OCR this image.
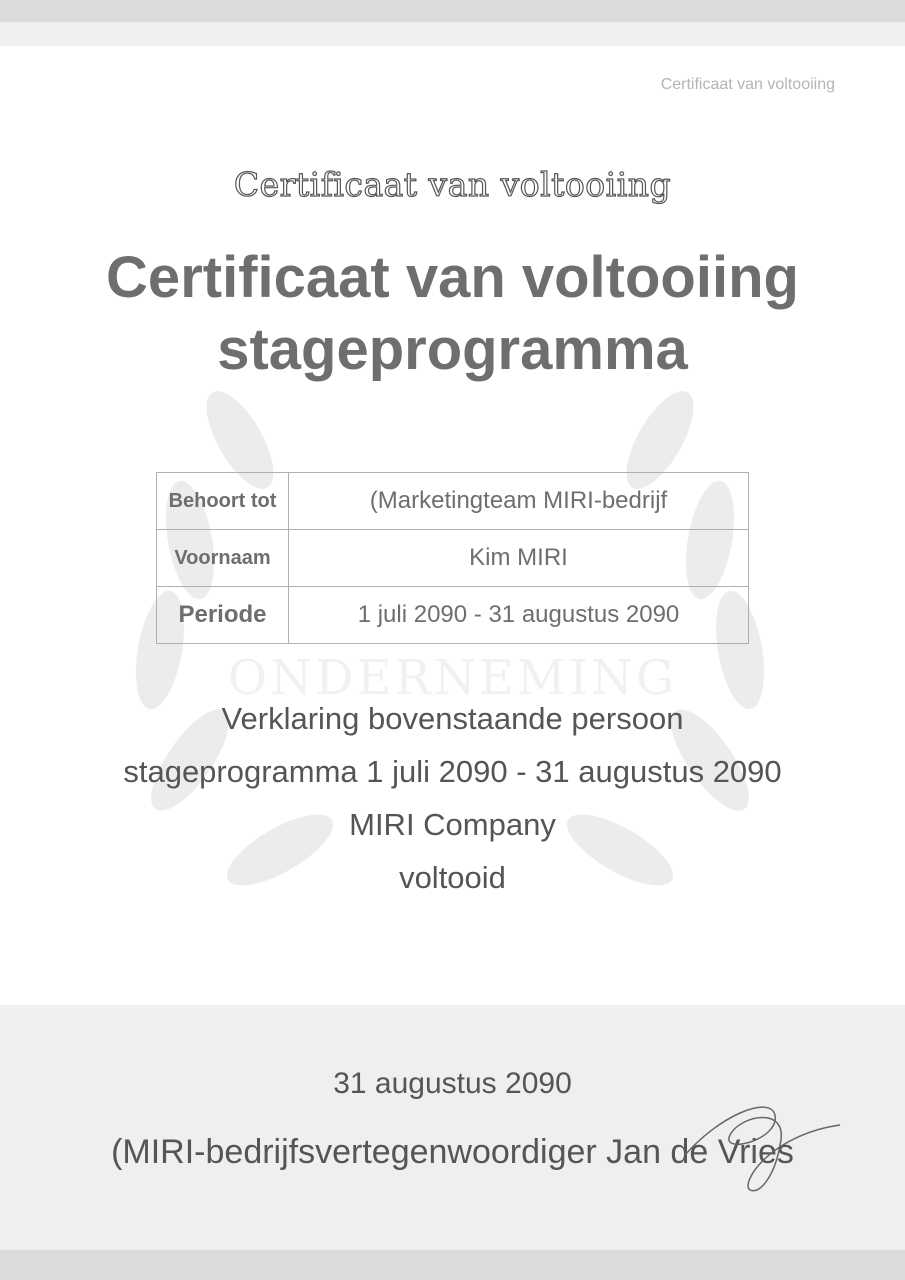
Certificaat van voltooiing
ONDERNEMING
Certificaat van voltooiing
Certificaat van voltooiing
stageprogramma
Behoort tot	(Marketingteam MIRI-bedrijf
Voornaam	Kim MIRI
Periode	1 juli 2090 - 31 augustus 2090
Verklaring bovenstaande persoon
stageprogramma 1 juli 2090 - 31 augustus 2090
MIRI Company
voltooid
31 augustus 2090
(MIRI-bedrijfsvertegenwoordiger Jan de Vries
